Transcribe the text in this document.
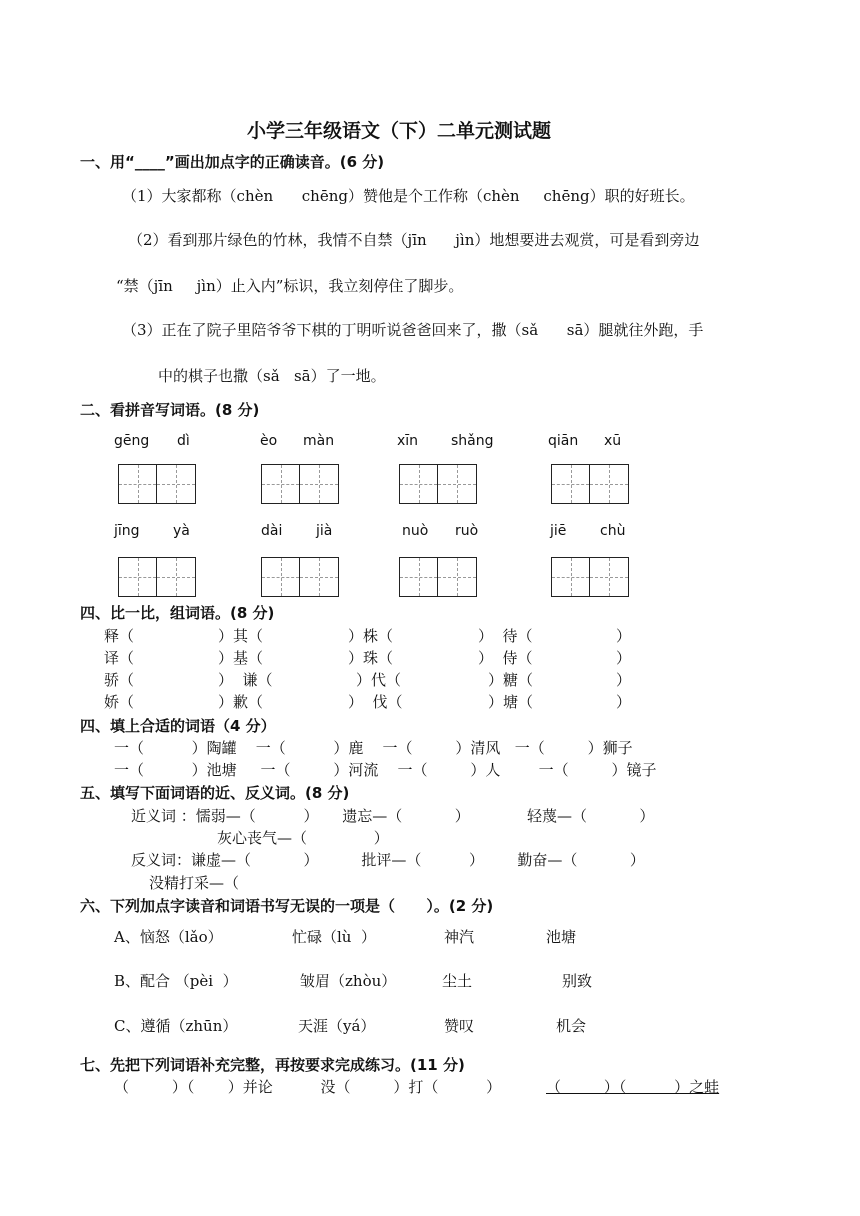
小学三年级语文（下）二单元测试题
一、用“____”画出加点字的正确读音。(6 分)
（1）大家都称（chèn      chēng）赞他是个工作称（chèn     chēng）职的好班长。
（2）看到那片绿色的竹林，我情不自禁（jīn      jìn）地想要进去观赏，可是看到旁边
“禁（jīn     jìn）止入内”标识，我立刻停住了脚步。
（3）正在了院子里陪爷爷下棋的丁明听说爸爸回来了，撒（sǎ      sā）腿就往外跑，手
中的棋子也撒（sǎ   sā）了一地。
二、看拼音写词语。(8 分)
gēng dì	èo màn	xīn shǎng	qiān xū
jīng yà	dài jià	nuò ruò	jiē chù
四、比一比，组词语。(8 分)
释（	）其（	）株（	）  待（	）
译（	）基（	）珠（	）  侍（	）
骄（	）  谦（	）代（	）糖（	）
娇（	）歉（	）  伐（	）塘（	）
四、填上合适的词语（4 分）
一（          ）陶罐    一（          ）鹿    一（         ）清风   一（         ）狮子
一（          ）池塘     一（         ）河流    一（         ）人        一（         ）镜子
五、填写下面词语的近、反义词。(8 分)
近义词 ：懦弱—（          ）     遗忘—（           ）            轻蔑—（           ）
灰心丧气—（              ）
反义词：谦虚—（           ）         批评—（          ）       勤奋—（           ）
没精打采—（
六、下列加点字读音和词语书写无误的一项是（      ）。(2 分)
A、恼怒（lǎo）	忙碌（lù  ）	神汽	池塘
B、配合 （pèi  ）	皱眉（zhòu）	尘土	别致
C、遵循（zhūn）	天涯（yá）	赞叹	机会
七、先把下列词语补充完整，再按要求完成练习。(11 分)
（         ）（       ）并论          没（         ）打（          ）	（         ）（          ）之蛙
